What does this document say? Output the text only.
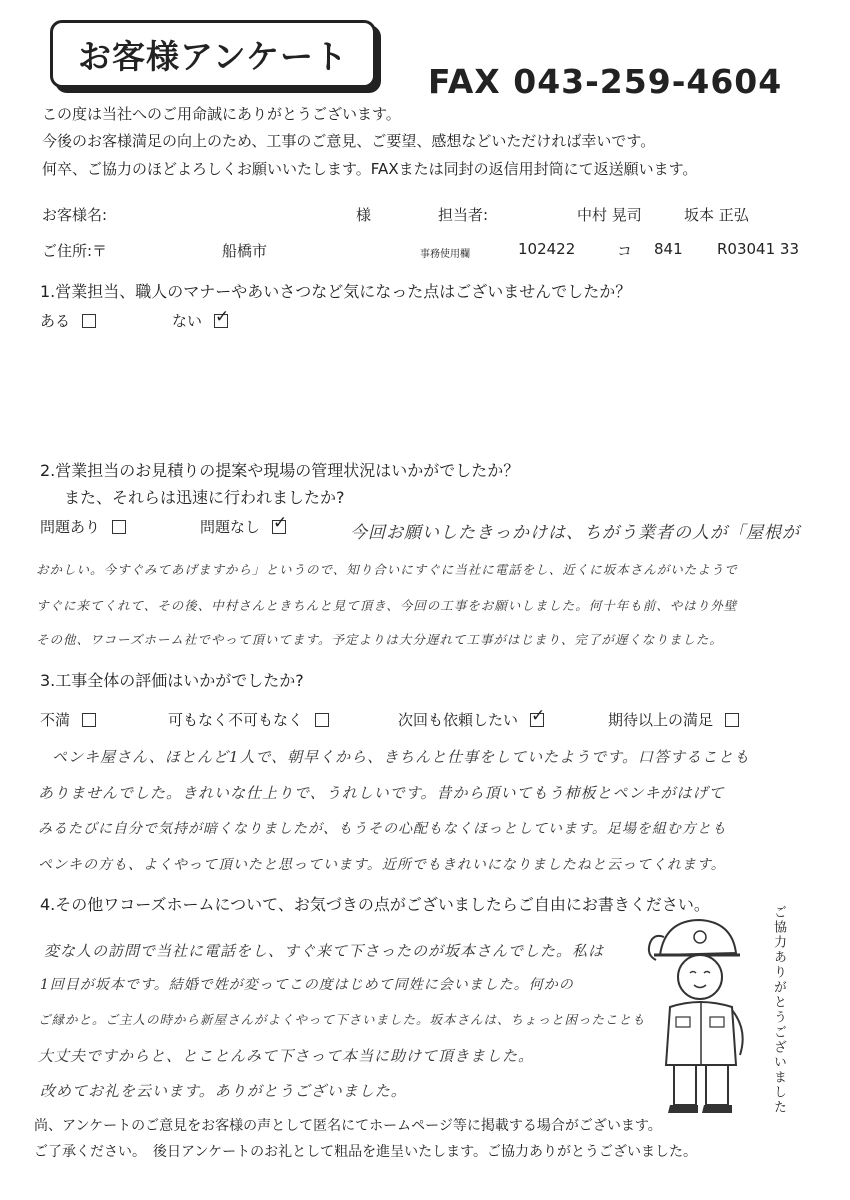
お客様アンケート
FAX 043-259-4604
この度は当社へのご用命誠にありがとうございます。
今後のお客様満足の向上のため、工事のご意見、ご要望、感想などいただければ幸いです。
何卒、ご協力のほどよろしくお願いいたします。FAXまたは同封の返信用封筒にて返送願います。
お客様名:	様	担当者:	中村 晃司	坂本 正弘
ご住所:〒	船橋市	事務使用欄	102422	コ 841 R03041 33
1.営業担当、職人のマナーやあいさつなど気になった点はございませんでしたか？
ある	ない
✓
2.営業担当のお見積りの提案や現場の管理状況はいかがでしたか？
また、それらは迅速に行われましたか?
問題あり	問題なし ✓	今回お願いしたきっかけは、ちがう業者の人が「屋根が
おかしい。今すぐみてあげますから」というので、知り合いにすぐに当社に電話をし、近くに坂本さんがいたようで
すぐに来てくれて、その後、中村さんときちんと見て頂き、今回の工事をお願いしました。何十年も前、やはり外壁
その他、ワコーズホーム社でやって頂いてます。予定よりは大分遅れて工事がはじまり、完了が遅くなりました。
3.工事全体の評価はいかがでしたか?
不満	可もなく不可もなく	次回も依頼したい ✓	期待以上の満足
ペンキ屋さん、ほとんど1人で、朝早くから、きちんと仕事をしていたようです。口答することも
ありませんでした。きれいな仕上りで、うれしいです。昔から頂いてもう柿板とペンキがはげて
みるたびに自分で気持が暗くなりましたが、もうその心配もなくほっとしています。足場を組む方とも
ペンキの方も、よくやって頂いたと思っています。近所でもきれいになりましたねと云ってくれます。
4.その他ワコーズホームについて、お気づきの点がございましたらご自由にお書きください。
変な人の訪問で当社に電話をし、すぐ来て下さったのが坂本さんでした。私は
1回目が坂本です。結婚で姓が変ってこの度はじめて同姓に会いました。何かの
ご縁かと。ご主人の時から新屋さんがよくやって下さいました。坂本さんは、ちょっと困ったことも
大丈夫ですからと、とことんみて下さって本当に助けて頂きました。
改めてお礼を云います。ありがとうございました。	ご協力ありがとうございました
尚、アンケートのご意見をお客様の声として匿名にてホームページ等に掲載する場合がございます。
ご了承ください。　後日アンケートのお礼として粗品を進呈いたします。ご協力ありがとうございました。
